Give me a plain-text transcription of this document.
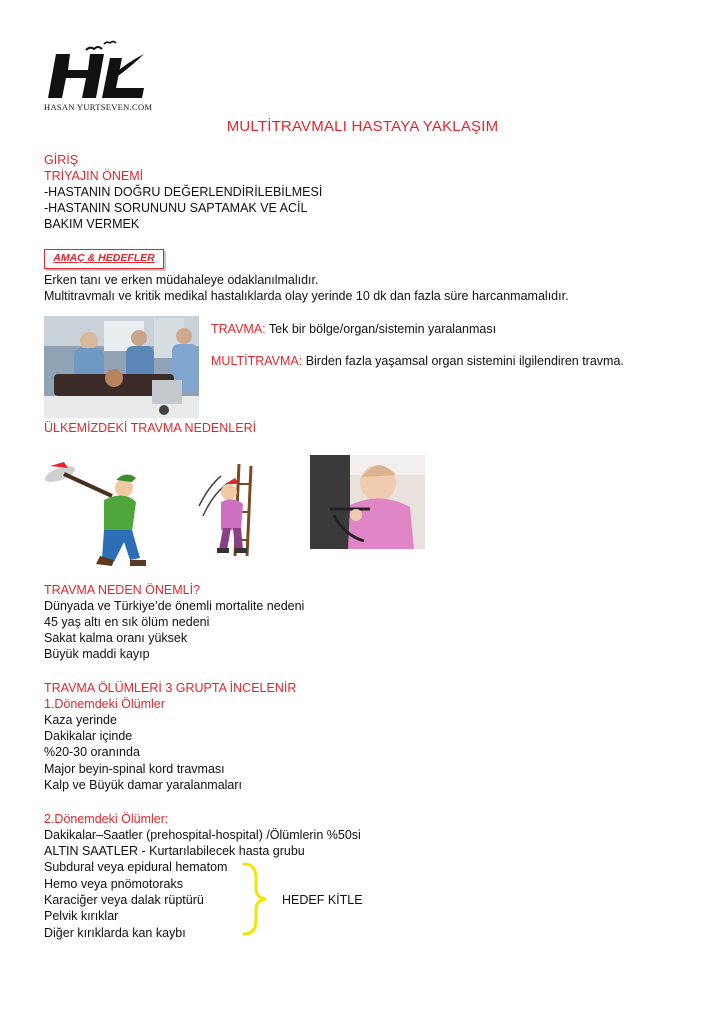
HASAN YURTSEVEN.COM
MULTİTRAVMALI HASTAYA YAKLAŞIM
GİRİŞ
TRİYAJIN ÖNEMİ
-HASTANIN DOĞRU DEĞERLENDİRİLEBİLMESİ
-HASTANIN SORUNUNU SAPTAMAK VE ACİL
BAKIM VERMEK
AMAÇ & HEDEFLER
Erken tanı ve erken müdahaleye odaklanılmalıdır.
Multitravmalı ve kritik medikal hastalıklarda olay yerinde 10 dk dan fazla süre harcanmamalıdır.
TRAVMA: Tek bir bölge/organ/sistemin yaralanması
MULTİTRAVMA: Birden fazla yaşamsal organ sistemini ilgilendiren travma.
ÜLKEMİZDEKİ TRAVMA NEDENLERİ
TRAVMA NEDEN ÖNEMLİ?
Dünyada ve Türkiye’de önemli mortalite nedeni
45 yaş altı en sık ölüm nedeni
Sakat kalma oranı yüksek
Büyük maddi kayıp
TRAVMA ÖLÜMLERİ 3 GRUPTA İNCELENİR
1.Dönemdeki Ölümler
Kaza yerinde
Dakikalar içinde
%20-30 oranında
Major beyin-spinal kord travması
Kalp ve Büyük damar yaralanmaları
2.Dönemdeki Ölümler:
Dakikalar–Saatler (prehospital-hospital) /Ölümlerin %50si
ALTIN SAATLER - Kurtarılabilecek hasta grubu
Subdural veya epidural hematom
Hemo veya pnömotoraks
Karaciğer veya dalak rüptürü
Pelvik kırıklar
Diğer kırıklarda kan kaybı
HEDEF KİTLE
